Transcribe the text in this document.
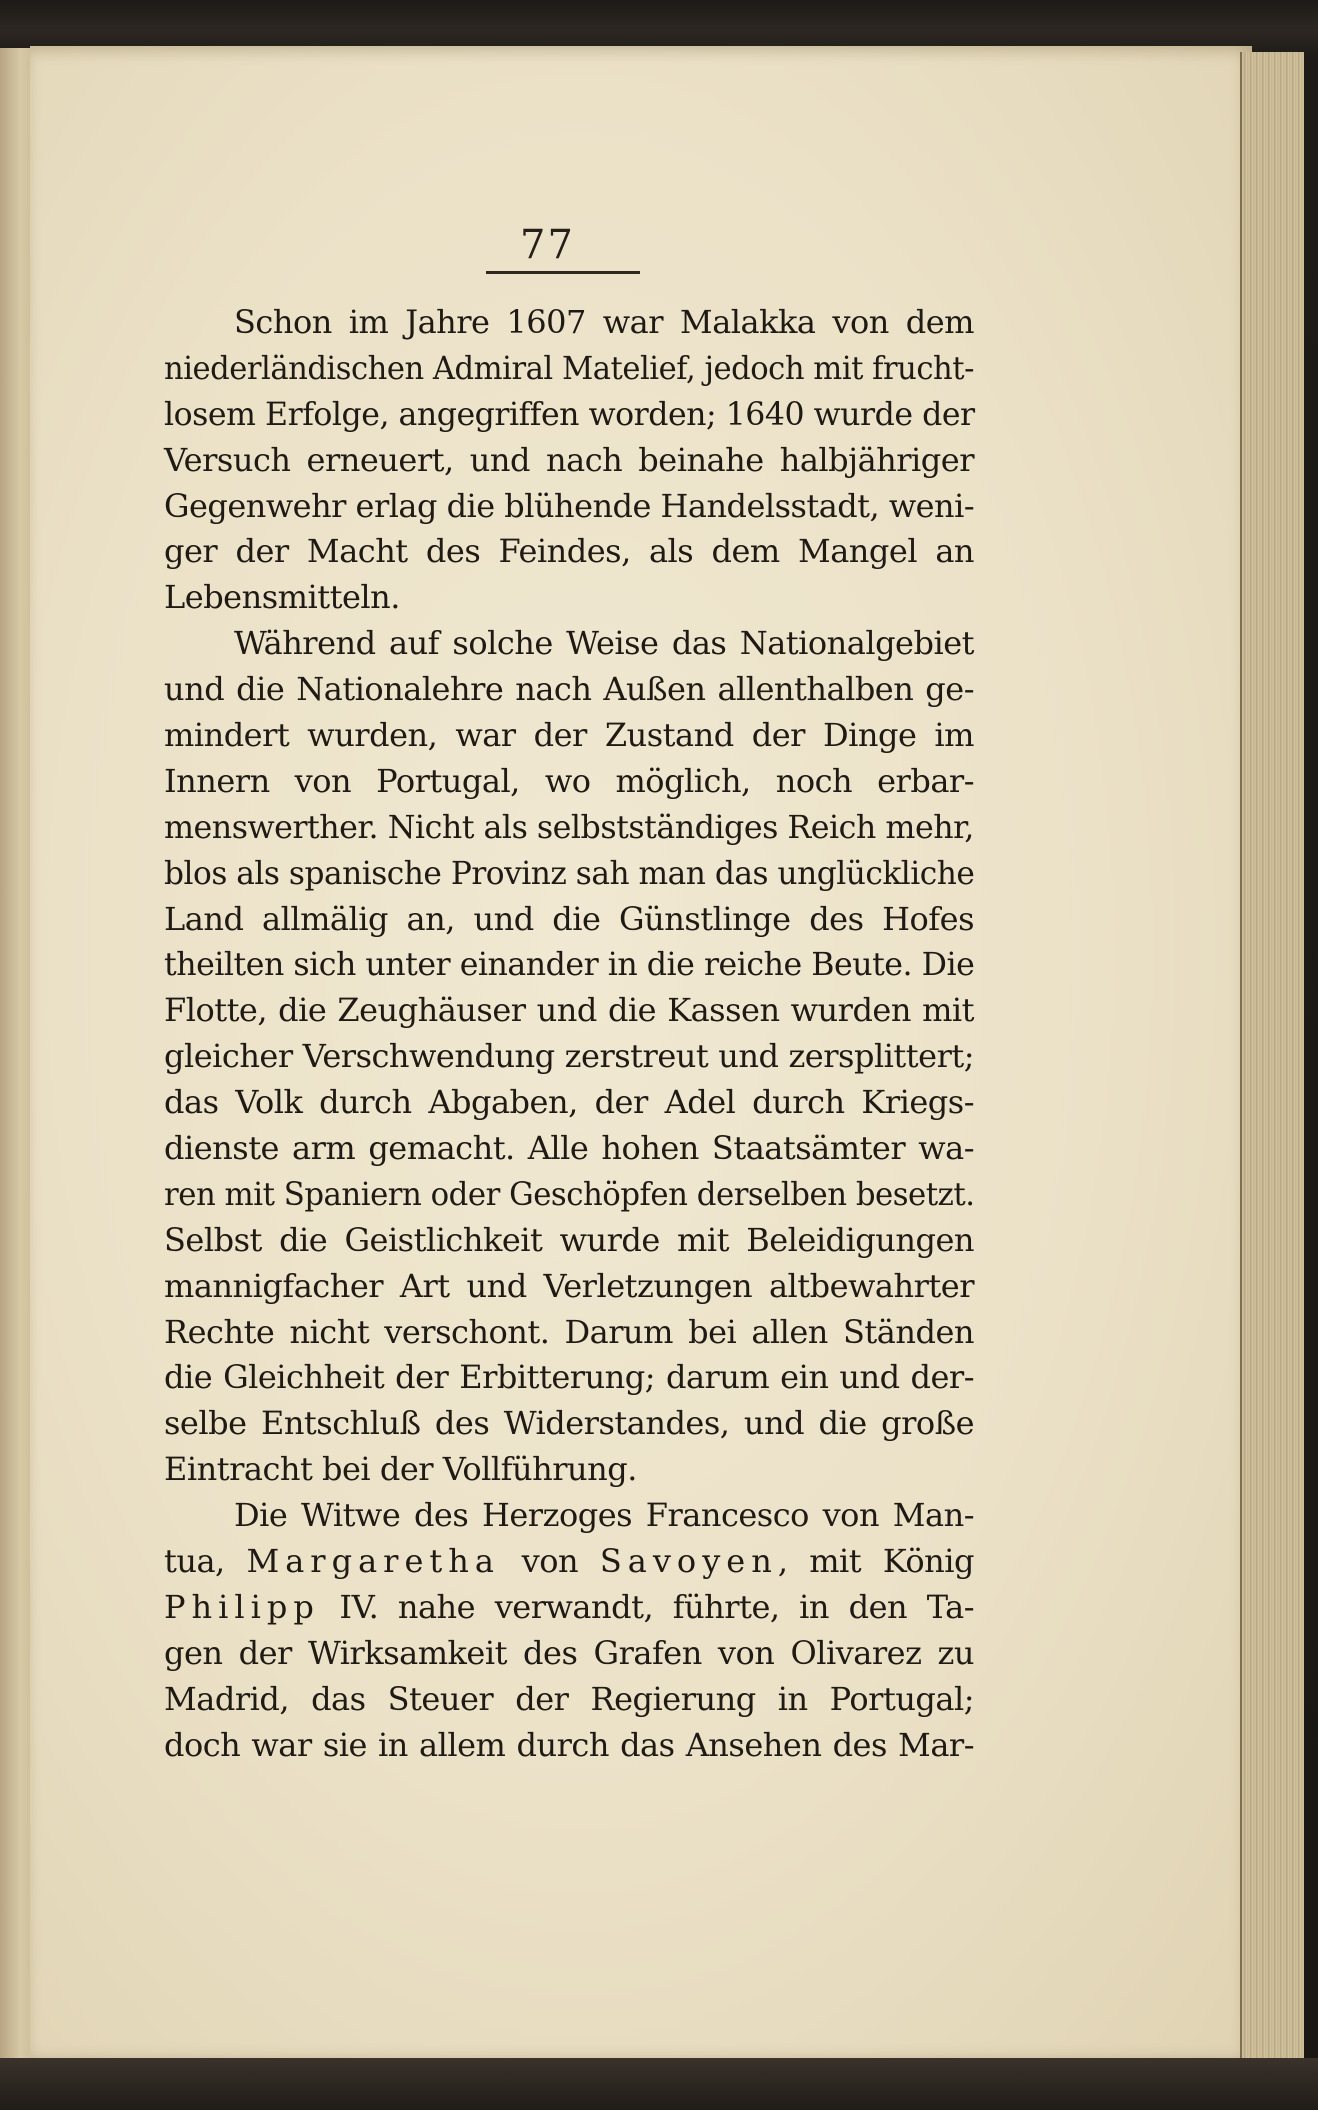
77

Schon im Jahre 1607 war Malakka von dem
niederländischen Admiral Matelief, jedoch mit frucht-
losem Erfolge, angegriffen worden; 1640 wurde der
Versuch erneuert, und nach beinahe halbjähriger
Gegenwehr erlag die blühende Handelsstadt, weni-
ger der Macht des Feindes, als dem Mangel an
Lebensmitteln.

Während auf solche Weise das Nationalgebiet
und die Nationalehre nach Außen allenthalben ge-
mindert wurden, war der Zustand der Dinge im
Innern von Portugal, wo möglich, noch erbar-
menswerther. Nicht als selbstständiges Reich mehr,
blos als spanische Provinz sah man das unglückliche
Land allmälig an, und die Günstlinge des Hofes
theilten sich unter einander in die reiche Beute. Die
Flotte, die Zeughäuser und die Kassen wurden mit
gleicher Verschwendung zerstreut und zersplittert;
das Volk durch Abgaben, der Adel durch Kriegs-
dienste arm gemacht. Alle hohen Staatsämter wa-
ren mit Spaniern oder Geschöpfen derselben besetzt.
Selbst die Geistlichkeit wurde mit Beleidigungen
mannigfacher Art und Verletzungen altbewahrter
Rechte nicht verschont. Darum bei allen Ständen
die Gleichheit der Erbitterung; darum ein und der-
selbe Entschluß des Widerstandes, und die große
Eintracht bei der Vollführung.

Die Witwe des Herzoges Francesco von Man-
tua, Margaretha von Savoyen, mit König
Philipp IV. nahe verwandt, führte, in den Ta-
gen der Wirksamkeit des Grafen von Olivarez zu
Madrid, das Steuer der Regierung in Portugal;
doch war sie in allem durch das Ansehen des Mar-
